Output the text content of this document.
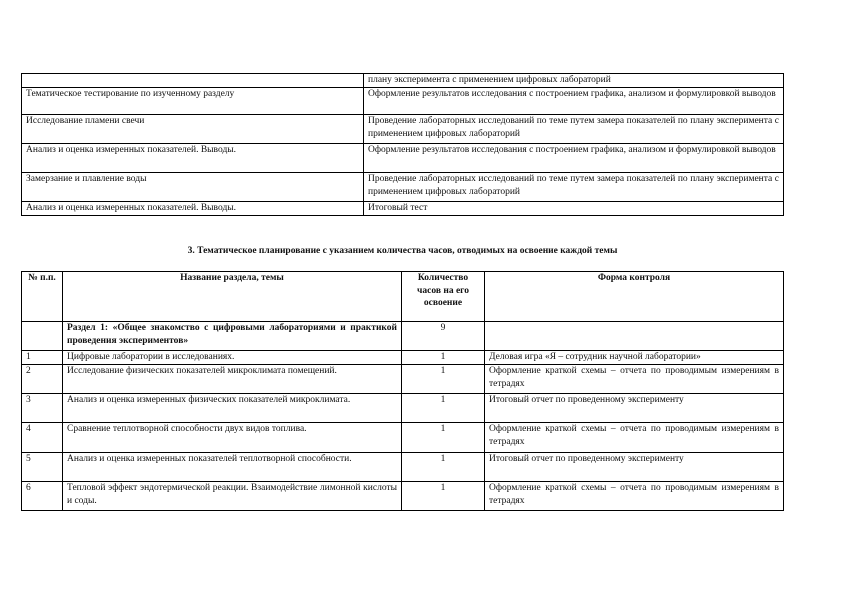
	плану эксперимента с применением цифровых лабораторий
Тематическое тестирование по изученному разделу	Оформление результатов исследования с построением графика, анализом и формулировкой выводов
Исследование пламени свечи	Проведение лабораторных исследований по теме путем замера показателей по плану эксперимента с применением цифровых лабораторий
Анализ и оценка измеренных показателей. Выводы.	Оформление результатов исследования с построением графика, анализом и формулировкой выводов
Замерзание и плавление воды	Проведение лабораторных исследований по теме путем замера показателей по плану эксперимента с применением цифровых лабораторий
Анализ и оценка измеренных показателей. Выводы.	Итоговый тест
3. Тематическое планирование с указанием количества часов, отводимых на освоение каждой темы
№ п.п.	Название раздела, темы	Количество часов на его освоение	Форма контроля
	Раздел 1: «Общее знакомство с цифровыми лабораториями и практикой проведения экспериментов»	9	
1	Цифровые лаборатории в исследованиях.	1	Деловая игра «Я – сотрудник научной лаборатории»
2	Исследование физических показателей микроклимата помещений.	1	Оформление краткой схемы – отчета по проводимым измерениям в тетрадях
3	Анализ и оценка измеренных физических показателей микроклимата.	1	Итоговый отчет по проведенному эксперименту
4	Сравнение теплотворной способности двух видов топлива.	1	Оформление краткой схемы – отчета по проводимым измерениям в тетрадях
5	Анализ и оценка измеренных показателей теплотворной способности.	1	Итоговый отчет по проведенному эксперименту
6	Тепловой эффект эндотермической реакции. Взаимодействие лимонной кислоты и соды.	1	Оформление краткой схемы – отчета по проводимым измерениям в тетрадях
